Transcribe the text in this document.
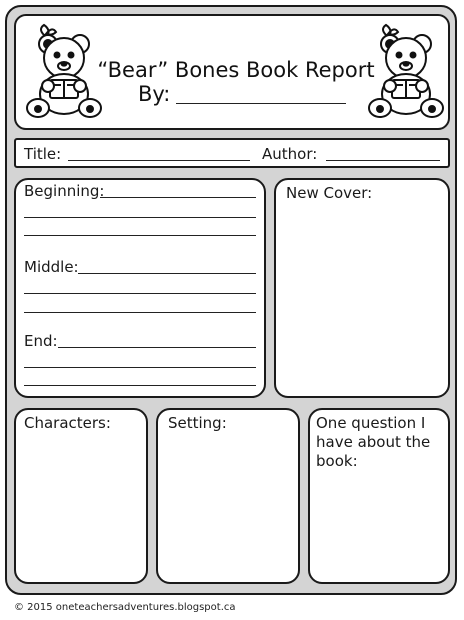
“Bear” Bones Book Report
By:
Title:	Author:
Beginning:
Middle:
End:
New Cover:
Characters:	Setting:	One question I
have about the
book:
© 2015 oneteachersadventures.blogspot.ca
